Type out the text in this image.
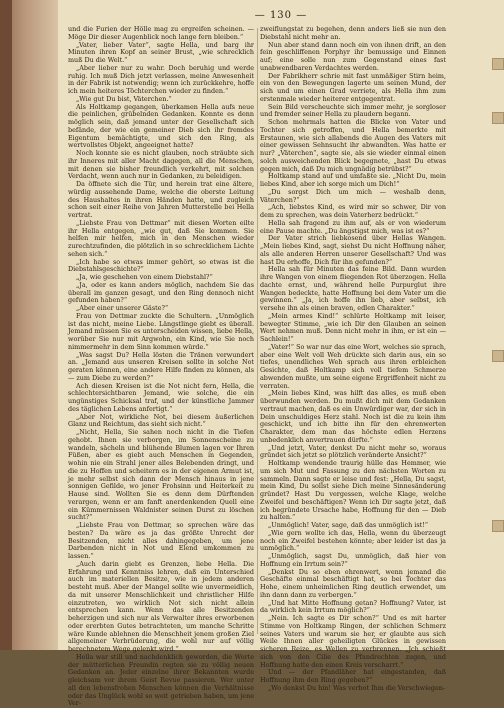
— 130 —

und die Furien der Hölle mag zu ergreifen scheinen. — Möge Dir dieser Augenblick noch lange fern bleiben.“

„Vater, lieber Vater“, sagte Hella, und barg ihr Minuten ihren Kopf an seiner Brust, „wie schrecklich muß Du die Welt.“

„Aber lieber nur zu wahr. Doch beruhig und werde ruhig. Ich muß Dich jetzt verlassen, meine Anwesenheit in der Fabrik ist notwendig; wenn ich zurückkehre, hoffe ich mein heiteres Töchterchen wieder zu finden.“

„Wie gut Du bist, Väterchen.“

Als Holtkamp gegangen, überkamen Hella aufs neue die peinlichen, grübelnden Gedanken. Konnte es denn möglich sein, daß jemand unter der Gesellschaft sich befände, der wie ein gemeiner Dieb sich ihr fremdes Eigentum bemächtigte, und sich den Ring, als wertvollstes Objekt, angeeignet hatte?

Noch konnte sie es nicht glauben, noch sträubte sich ihr Inneres mit aller Macht dagegen, all die Menschen, mit denen sie bisher freundlich verkehrt, mit solchen Verdacht, wenn auch nur in Gedanken, zu beleidigen.

Da öffnete sich die Tür, und herein trat eine ältere, würdig aussehende Dame, welche die oberste Leitung des Haushaltes in ihren Händen hatte, und zugleich schon seit einer Reihe von Jahren Mutterstelle bei Hella vertrat.

„Liebste Frau von Dettmar“ mit diesen Worten eilte ihr Hella entgegen, „wie gut, daß Sie kommen. Sie helfen mir helfen, mich in den Menschen wieder zurechtzufinden, die plötzlich in so schrecklichem Lichte sehen sich.“

„Ich habe so etwas immer gehört, so etwas ist die Diebstahlsgeschichte?“

„Ja, wie geschehen von einem Diebstahl?“

„Ja, oder es kann anders möglich, nachdem Sie das überall im ganzen gesagt, und den Ring dennoch nicht gefunden haben?“

„Aber einer unserer Gäste?“

Frau von Dettmar zuckte die Schultern. „Unmöglich ist das nicht, meine Liebe. Längstlinge giebt es überall. Jemand müssen Sie es unterscheiden wissen, liebe Hella, worüber Sie nur mit Argwohn, ein Kind, wie Sie noch nimmermehr in dem Sinn kommen würde.“

„Was sagst Du? Hella lösten die Tränen verwundert an. „Jemand aus unseren Kreisen sollte in solche Not geraten können, eine andere Hilfe finden zu können, als — zum Diebe zu werden?“

Ach diesen Kreisen ist die Not nicht fern, Hella, die schlechtersichtbaren Jemand, wie solche, die ein ungünstiges Schicksal traf, und der künstliche Jammer des täglichen Lebens anfertigt.“

„Aber Not, wirkliche Not, bei diesem äußerlichen Glanz und Reichtum, das sieht sich nicht.“

„Nicht, Hella, Sie sahen noch nicht in die Tiefen gehobt. Ihnen sie verborgen, im Sonnenscheine zu wandeln, sächeln und blühende Blumen lagen vor Ihren Füßen, aber es giebt auch Menschen in Gegenden, wohin nie ein Strahl jener alles Belebenden dringt, und die zu Hoffen und scheitern es in der eigenen Armut ist, je mehr selbst sich dann der Mensch hinaus in jene sonnigen Gefilde, wo jener Frohsinn und Heiterkeit zu Hause sind. Wollten Sie es denn dem Dürftenden verargen, wenn er am fanft anerdenkenden Quell eine ein Kümmernissen Waldnister seinen Durst zu löschen sucht?“

„Liebste Frau von Dettmar, so sprechen wäre das besten? Da wäre es ja das größte Unrecht der Besitzenden, nicht alles dahingegeben, um jene Darbenden nicht in Not und Elend umkommen zu lassen.“

„Auch darin giebt es Grenzen, liebe Hella. Die Erfahrung und Kenntniss lehren, daß ein Unterschied auch im materiellen Besitze, wie in jedem anderen besteht muß. Aber der Mangel sollte wie unvermeidlich, da mit unserer Menschlichkeit und christlicher Hilfe einzutreten, wo wirklich Not sich nicht allein entsprechen kann. Wenn das alle Besitzenden beherzigen und sich nur als Verwalter ihres erworbenen oder ererbten Gutes betrachteten, um manche Schritte wäre Kunde ablehnen die Menschheit jenem großen Ziel allgemeiner Verbrüderung, die wohl nur auf völlig berechnetem Wege gelenkt wird.“

Hella war still und nachdenklich geworden, die Worte der mütterlichen Freundin regten sie zu völlig neuen Gedanken an. Jeder einzelne ihrer Bekannten wurde gleichsam vor ihrem Geist Revue passieren. Wer unter all den lebensfrohen Menschen können die Verhältnisse oder das Unglück wohl so weit getrieben haben, um jene Ver-

zweiflungstat zu begehen, denn anders ließ sie nun den Diebstahl nicht mehr an.

Nun aber stand dann noch ein von ihnen drift, an den fein geschliffenen Porphyr ihr bemussige und Einnen auf; eine solle nun zum Gegenstand eines fast unabwendbaren Verdachtes werden.

Der Fabrikherr schrie mit fast unmäßiger Stirn heim, ein von den Bewegungen lagerte um seinen Mund, der sich und um einen Grad verriete, als Hella ihm zum erstenmale wieder heiterer entgegentrat.

Sein Bild verscheuchte sich immer mehr, je sorgloser und fremder seiner Hella zu plaudern begann.

Schon mehrmals hatten die Blicke von Vater und Tochter sich getroffen, und Hella bemerkte mit Erstaunen, wie sich allabends die Augen des Vaters mit einer gewissen Sehnsucht ihr abwandten. Was hatte er nur? „Väterchen“, sagte sie, als sie wieder einmal einen solch ausweichenden Blick begegnete, „hast Du etwas gegen mich, daß Du mich ungnädig betrübst?“

Holtkamp stand auf und umfaßte sie. „Nicht Du, mein liebes Kind, aber ich sorge mich um Dich!“

„Du sorgst Dich um mich — weshalb denn, Väterchen?“

„Ach, liebstes Kind, es wird mir so schwer, Dir von dem zu sprechen, was dein Vaterherz bedrückt.“

Hella sah fragend zu ihm auf, als er von wiederum eine Pause machte. „Du ängstigst mich, was ist es?“

Der Vater strich liebkosend über Hellas Wangen. „Mein liebes Kind, sagt, siehst Du nicht Hoffnung näher, als alle anderen Herren unserer Gesellschaft? Und was hast Du erhoffe, Dich für ihn gefunden?“

Hella sah für Minuten das feine Bild. Dann wurden ihre Wangen von einem fliegenden Rot überzogen. Hella dachte ernst, und, während helle Purpurglut ihre Wangen bedeckte, hatte Hoffnung bei dem Vater um die gewinnen.“ „Ja, ich hoffe ihn lieb, aber selbst, ich versehe ihn als einen braven, edlen Charakter.“

„Mein armes Kind!“ schlürte Holtkamp mit leiser, bewegter Stimme, „wie ich Dir den Glauben an seinen Wert nehmen muß. Denn nicht mehr in ihm, er ist ein — Sachlein!“

„Vater!“ So war nur das eine Wort, welches sie sprach, aber eine Welt voll Weh drückte sich darin aus, ein so tiefes, unendliches Weh sprach aus ihren erbleichen Gesichte, daß Holtkamp sich voll tiefem Schmerze abwenden mußte, um seine eigene Ergriffenheit nicht zu verraten.

„Mein liebes Kind, was hilft das alles, es muß eben überwunden werden. Du mußt dich mit dem Gedanken vertraut machen, daß es ein Unwürdiger war, der sich in Dein unschuldiges Herz stahl. Noch ist die zu kein ihm geschickt, und ich bitte ihn für den ehrenwerten Charakter, dem man das höchste edlen Herzens unbedenklich anvertrauen dürfte.“

„Und jetzt, Vater, denkst Du nicht mehr so, woraus gründet sich jetzt so plötzlich veränderte Ansicht?“

Holtkamp wendende traurig hülle das Hemmer, wie um sich Mut und Fassung zu den nächsten Worten zu sammeln. Dann sagte er leise und fest: „Hella, Du sagst, mein Kind, Du sollst siehe Dich meine Sinnesänderung gründet? Hast Du vergessen, welche Klage, welche Zweifel und beschäftigen? Wenn ich Dir sagte jetzt, daß ich begründete Ursache habe, Hoffnung für den — Dieb zu halten.“

„Unmöglich! Vater, sage, daß das unmöglich ist!“

„Wie gern wollte ich das, Hella, wenn du überzeugt noch ein Zweifel bestehen könnte; aber leider ist das ja unmöglich.“

„Unmöglich, sagst Du, unmöglich, daß hier von Hoffnung ein Irrtum sein?“

„Denkst Du so eben ehrenwert, wenn jemand die Geschäfte einmal beschäftigt hat, so bei Tochter das Hohe, einem unheimlichen Ring deutlich erwendet, um ihn dann dann zu verbergen.“

„Und hat Mitte Hoffnung getan? Hoffnung? Vater, ist da wirklich kein Irrtum möglich?“

„Nein. Ich sagte es Dir schon?“ Und es mit harter Stimme von Holtkamp Ringen, der schlichen Schmerz seines Vaters und warum sie her, er glaubte aus sich Weile Ihnen aller geheiligten Glückes in gewissen sicheren Reize, es Wellen zu verbrennen. „Jch schießt sich von den Cilie des Pfandrechten zugen, und Hoffnung hatte den einen Kreis verscharrt.“

Und — der Pfandläher hat eingestanden, daß Hoffnung ihm den Ring gegeben?“

„Wo denkst Du hin! Was verbot Ihm die Verschwiegen-
